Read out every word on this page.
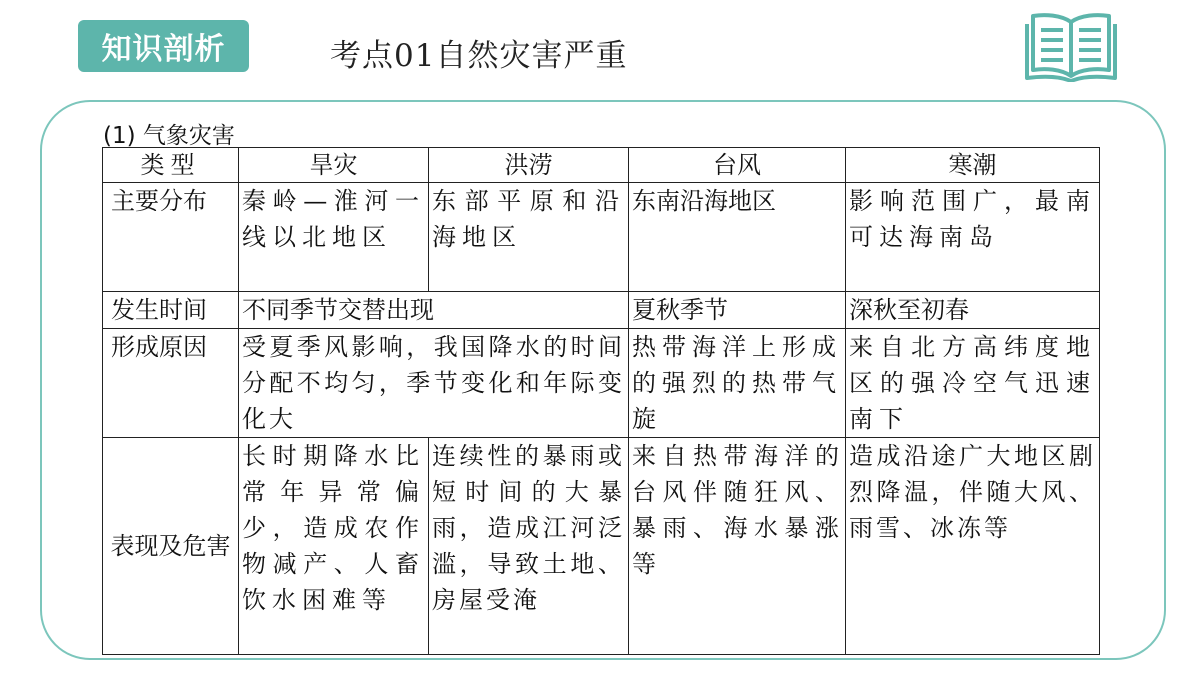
知识剖析	考点01自然灾害严重
(1) 气象灾害
类型	旱灾	洪涝	台风	寒潮
主要分布	秦岭—淮河一线以北地区	东部平原和沿海地区	东南沿海地区	影响范围广，最南可达海南岛
发生时间	不同季节交替出现		夏秋季节	深秋至初春
形成原因	受夏季风影响，我国降水的时间分配不均匀，季节变化和年际变化大		热带海洋上形成的强烈的热带气旋	来自北方高纬度地区的强冷空气迅速南下
表现及危害	长时期降水比常年异常偏少，造成农作物减产、人畜饮水困难等	连续性的暴雨或短时间的大暴雨，造成江河泛滥，导致土地、房屋受淹	来自热带海洋的台风伴随狂风、暴雨、海水暴涨等	造成沿途广大地区剧烈降温，伴随大风、雨雪、冰冻等
